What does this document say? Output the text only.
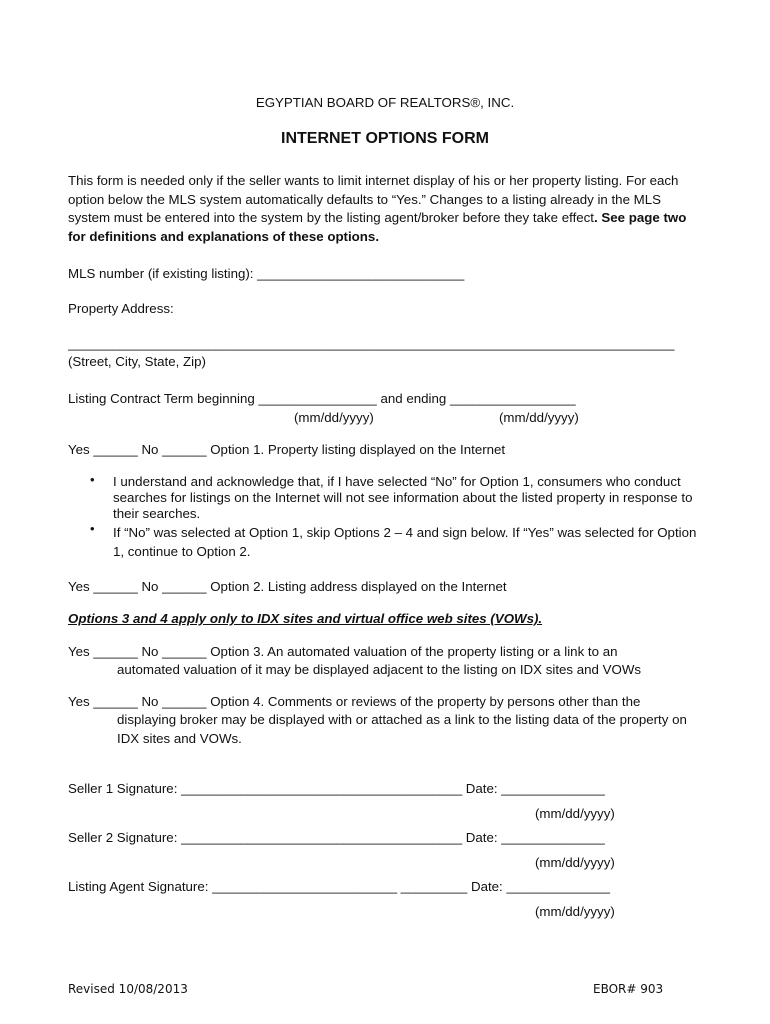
EGYPTIAN BOARD OF REALTORS®, INC.
INTERNET OPTIONS FORM
This form is needed only if the seller wants to limit internet display of his or her property listing. For each option below the MLS system automatically defaults to “Yes.” Changes to a listing already in the MLS system must be entered into the system by the listing agent/broker before they take effect. See page two for definitions and explanations of these options.
MLS number (if existing listing): ____________________________
Property Address:
__________________________________________________________________________________
(Street, City, State, Zip)
Listing Contract Term beginning ________________ and ending _________________
(mm/dd/yyyy)	(mm/dd/yyyy)
Yes ______ No ______ Option 1. Property listing displayed on the Internet
• I understand and acknowledge that, if I have selected “No” for Option 1, consumers who conduct searches for listings on the Internet will not see information about the listed property in response to their searches.
• If “No” was selected at Option 1, skip Options 2 – 4 and sign below. If “Yes” was selected for Option 1, continue to Option 2.
Yes ______ No ______ Option 2. Listing address displayed on the Internet
Options 3 and 4 apply only to IDX sites and virtual office web sites (VOWs).
Yes ______ No ______ Option 3. An automated valuation of the property listing or a link to an
automated valuation of it may be displayed adjacent to the listing on IDX sites and VOWs
Yes ______ No ______ Option 4. Comments or reviews of the property by persons other than the
displaying broker may be displayed with or attached as a link to the listing data of the property on IDX sites and VOWs.
Seller 1 Signature: ______________________________________ Date: ______________
(mm/dd/yyyy)
Seller 2 Signature: ______________________________________ Date: ______________
(mm/dd/yyyy)
Listing Agent Signature: _________________________ _________ Date: ______________
(mm/dd/yyyy)
Revised 10/08/2013	EBOR# 903
